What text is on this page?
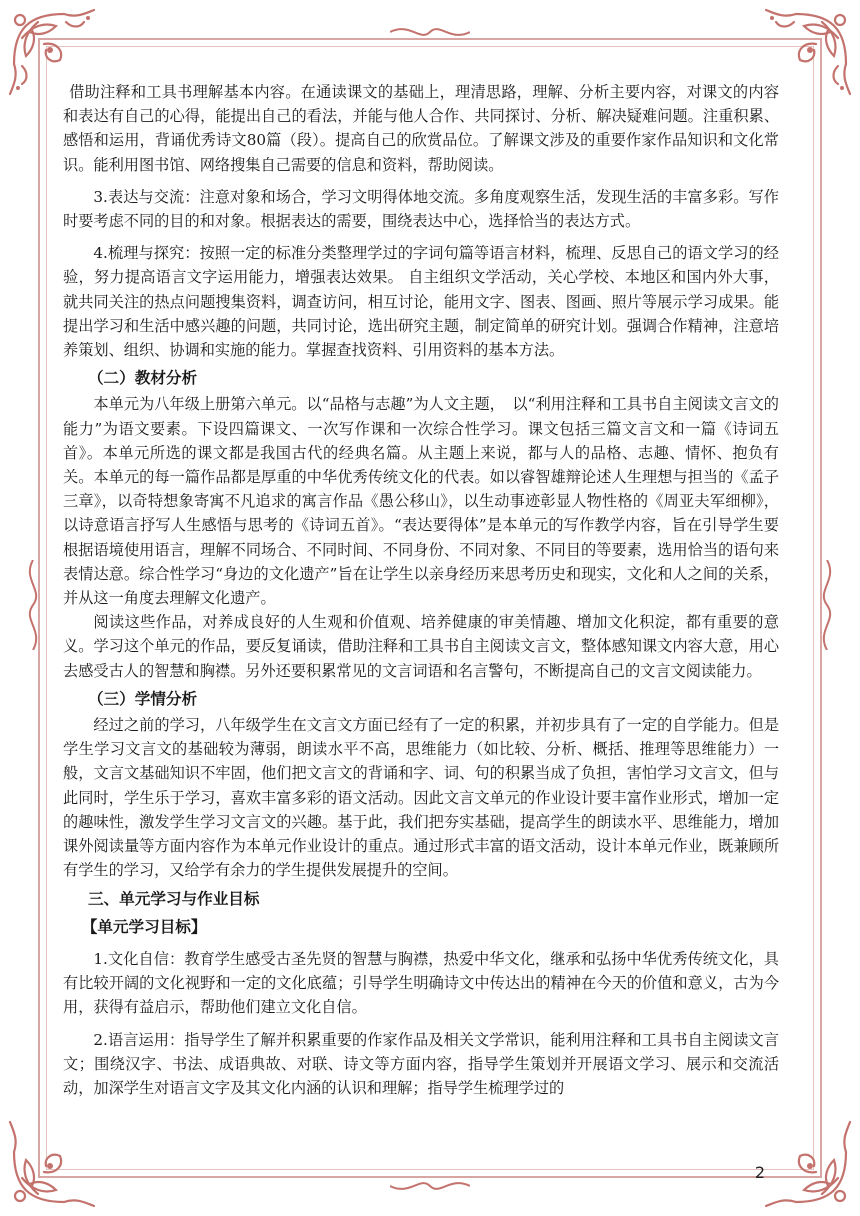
借助注释和工具书理解基本内容。在通读课文的基础上，理清思路，理解、分析主要内容，对课文的内容和表达有自己的心得，能提出自己的看法，并能与他人合作、共同探讨、分析、解决疑难问题。注重积累、感悟和运用，背诵优秀诗文80篇（段）。提高自己的欣赏品位。了解课文涉及的重要作家作品知识和文化常识。能利用图书馆、网络搜集自己需要的信息和资料，帮助阅读。

3.表达与交流：注意对象和场合，学习文明得体地交流。多角度观察生活，发现生活的丰富多彩。写作时要考虑不同的目的和对象。根据表达的需要，围绕表达中心，选择恰当的表达方式。

4.梳理与探究：按照一定的标准分类整理学过的字词句篇等语言材料，梳理、反思自己的语文学习的经验，努力提高语言文字运用能力，增强表达效果。 自主组织文学活动，关心学校、本地区和国内外大事，就共同关注的热点问题搜集资料，调查访问，相互讨论，能用文字、图表、图画、照片等展示学习成果。能提出学习和生活中感兴趣的问题，共同讨论，选出研究主题，制定简单的研究计划。强调合作精神，注意培养策划、组织、协调和实施的能力。掌握查找资料、引用资料的基本方法。

（二）教材分析

本单元为八年级上册第六单元。以“品格与志趣”为人文主题，　以“利用注释和工具书自主阅读文言文的能力”为语文要素。下设四篇课文、一次写作课和一次综合性学习。课文包括三篇文言文和一篇《诗词五首》。本单元所选的课文都是我国古代的经典名篇。从主题上来说，都与人的品格、志趣、情怀、抱负有关。本单元的每一篇作品都是厚重的中华优秀传统文化的代表。如以睿智雄辩论述人生理想与担当的《孟子三章》，以奇特想象寄寓不凡追求的寓言作品《愚公移山》，以生动事迹彰显人物性格的《周亚夫军细柳》，以诗意语言抒写人生感悟与思考的《诗词五首》。“表达要得体”是本单元的写作教学内容，旨在引导学生要根据语境使用语言，理解不同场合、不同时间、不同身份、不同对象、不同目的等要素，选用恰当的语句来表情达意。综合性学习“身边的文化遗产”旨在让学生以亲身经历来思考历史和现实，文化和人之间的关系，并从这一角度去理解文化遗产。

阅读这些作品，对养成良好的人生观和价值观、培养健康的审美情趣、增加文化积淀，都有重要的意义。学习这个单元的作品，要反复诵读，借助注释和工具书自主阅读文言文，整体感知课文内容大意，用心去感受古人的智慧和胸襟。另外还要积累常见的文言词语和名言警句，不断提高自己的文言文阅读能力。

（三）学情分析

经过之前的学习，八年级学生在文言文方面已经有了一定的积累，并初步具有了一定的自学能力。但是学生学习文言文的基础较为薄弱，朗读水平不高，思维能力（如比较、分析、概括、推理等思维能力）一般，文言文基础知识不牢固，他们把文言文的背诵和字、词、句的积累当成了负担，害怕学习文言文，但与此同时，学生乐于学习，喜欢丰富多彩的语文活动。因此文言文单元的作业设计要丰富作业形式，增加一定的趣味性，激发学生学习文言文的兴趣。基于此，我们把夯实基础，提高学生的朗读水平、思维能力，增加课外阅读量等方面内容作为本单元作业设计的重点。通过形式丰富的语文活动，设计本单元作业，既兼顾所有学生的学习，又给学有余力的学生提供发展提升的空间。

三、单元学习与作业目标
【单元学习目标】

1.文化自信：教育学生感受古圣先贤的智慧与胸襟，热爱中华文化，继承和弘扬中华优秀传统文化，具有比较开阔的文化视野和一定的文化底蕴；引导学生明确诗文中传达出的精神在今天的价值和意义，古为今用，获得有益启示，帮助他们建立文化自信。

2.语言运用：指导学生了解并积累重要的作家作品及相关文学常识，能利用注释和工具书自主阅读文言文；围绕汉字、书法、成语典故、对联、诗文等方面内容，指导学生策划并开展语文学习、展示和交流活动，加深学生对语言文字及其文化内涵的认识和理解；指导学生梳理学过的

2
